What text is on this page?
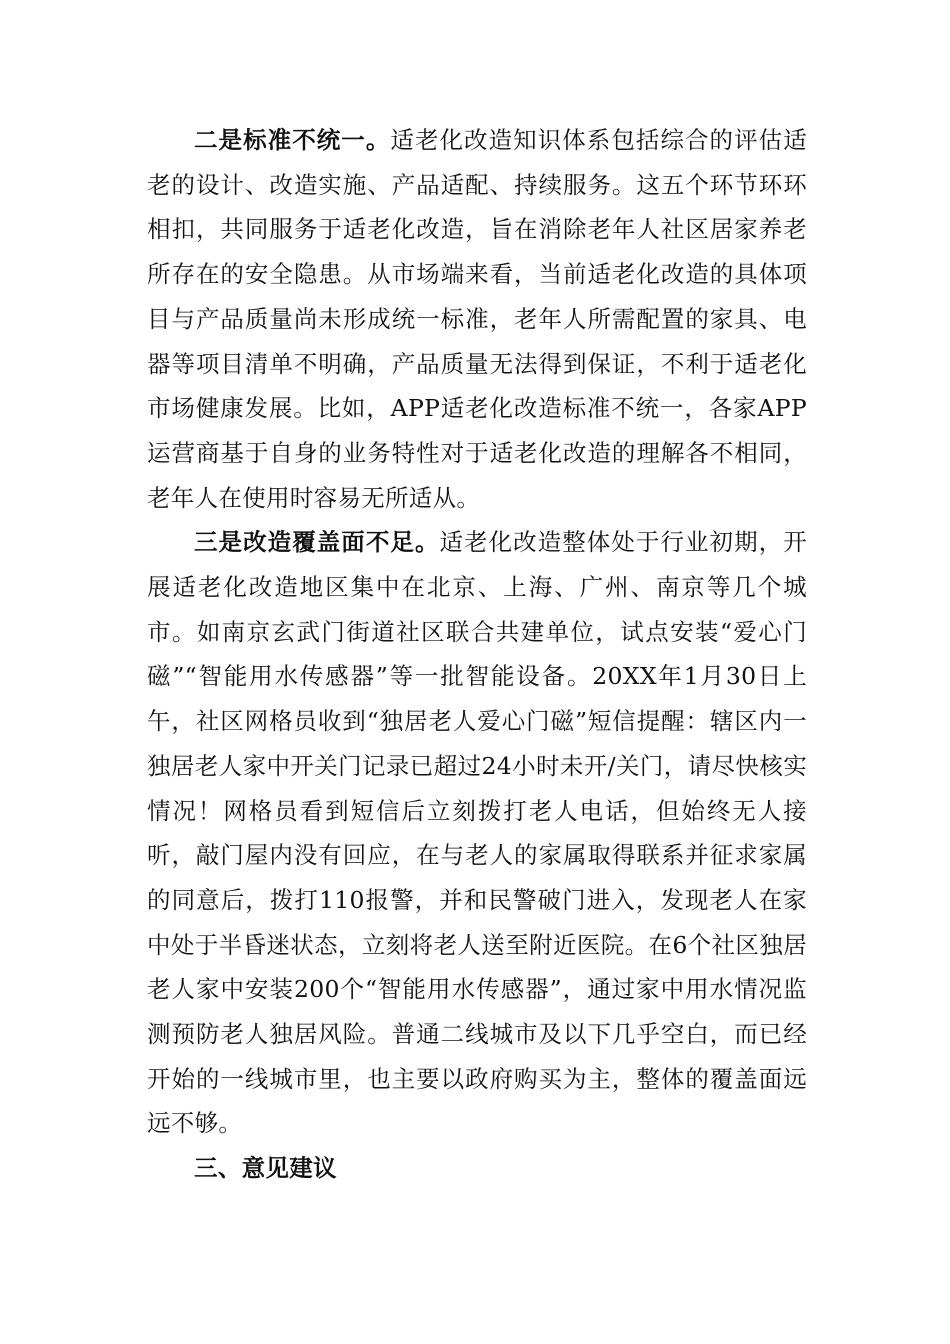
二是标准不统一。适老化改造知识体系包括综合的评估适老的设计、改造实施、产品适配、持续服务。这五个环节环环相扣，共同服务于适老化改造，旨在消除老年人社区居家养老所存在的安全隐患。从市场端来看，当前适老化改造的具体项目与产品质量尚未形成统一标准，老年人所需配置的家具、电器等项目清单不明确，产品质量无法得到保证，不利于适老化市场健康发展。比如，APP适老化改造标准不统一，各家APP运营商基于自身的业务特性对于适老化改造的理解各不相同，老年人在使用时容易无所适从。

三是改造覆盖面不足。适老化改造整体处于行业初期，开展适老化改造地区集中在北京、上海、广州、南京等几个城市。如南京玄武门街道社区联合共建单位，试点安装“爱心门磁”“智能用水传感器”等一批智能设备。20XX年1月30日上午，社区网格员收到“独居老人爱心门磁”短信提醒：辖区内一独居老人家中开关门记录已超过24小时未开/关门，请尽快核实情况！网格员看到短信后立刻拨打老人电话，但始终无人接听，敲门屋内没有回应，在与老人的家属取得联系并征求家属的同意后，拨打110报警，并和民警破门进入，发现老人在家中处于半昏迷状态，立刻将老人送至附近医院。在6个社区独居老人家中安装200个“智能用水传感器”，通过家中用水情况监测预防老人独居风险。普通二线城市及以下几乎空白，而已经开始的一线城市里，也主要以政府购买为主，整体的覆盖面远远不够。

三、意见建议
